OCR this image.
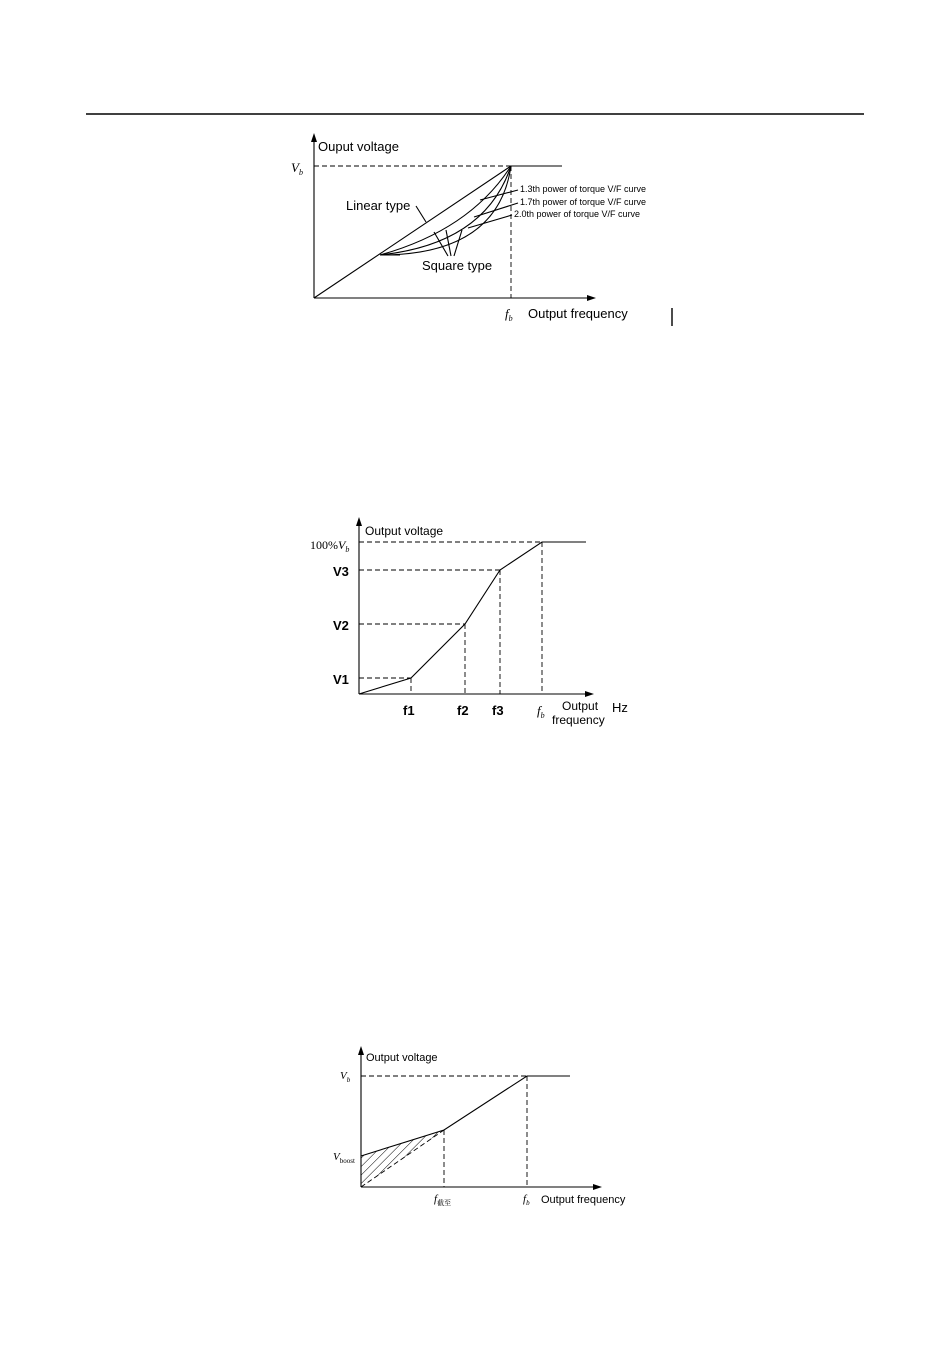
Ouput voltage
$V_b$
$f_b$ Output frequency
1.3th power of torque V/F curve
1.7th power of torque V/F curve
2.0th power of torque V/F curve
Linear type
Square type
Output voltage
$100\%V_b$
V3
V2
V1
f1	f2 f3	$f_b$
Output
frequency
Hz
Output voltage
$V_b$
$V_{boost}$
$f_{截至}$	$f_b$ Output frequency
